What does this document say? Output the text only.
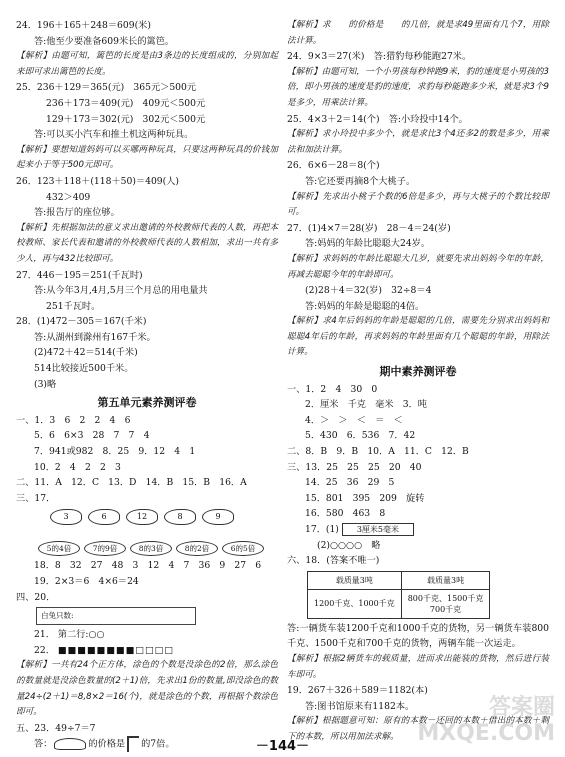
24．196＋165＋248＝609(米)
答:他至少要准备609米长的篱笆。
【解析】由题可知，篱笆的长度是由3条边的长度组成的，分别加起来即可求出篱笆的长度。
25．236＋129＝365(元)　365元＞500元
236＋173＝409(元)　409元＜500元
129＋173＝302(元)　302元＜500元
答:可以买小汽车和推土机这两种玩具。
【解析】要想知道妈妈可以买哪两种玩具，只要这两种玩具的价钱加起来小于等于500元即可。
26．123＋118＋(118＋50)＝409(人)
432＞409
答:报告厅的座位够。
【解析】先根据加法的意义求出邀请的外校教师代表的人数，再把本校教师、家长代表和邀请的外校教师代表的人数相加，求出一共有多少人，再与432比较即可。
27．446－195＝251(千瓦时)
答:从今年3月,4月,5月三个月总的用电量共
251千瓦时。
28．(1)472－305＝167(千米)
答:从湖州到滁州有167千米。
(2)472＋42＝514(千米)
514比较接近500千米。
(3)略
第五单元素养测评卷
一、1．3　6　2　2　4　6
5．6　6×3　28　7　7　4
7．941或982　8．25　9．12　4　1
10．2　4　2　2　3
二、11．A　12．C　13．D　14．B　15．B　16．A
三、17．
3	6	12	8	9
5的4倍	7的9倍	8的3倍	8的2倍	6的5倍
18．8　32　27　48　3　12　4　7　36　9　27　6
19．2×3＝6　4×6＝24
四、20．
白兔只数:
21． 第二行:○○
22． ■■■■■■■■□□□□
【解析】一共有24个正方体，涂色的个数是没涂色的2倍，那么涂色的数量就是没涂色数量的(2＋1)倍，先求出1份的数量,即没涂色的数量24÷(2＋1)＝8,8×2＝16(个)，就是涂色的个数，再根据个数涂色即可。
五、23．49÷7＝7
答：	的价格是 的7倍。
【解析】求　　的价格是　　的几倍，就是求49里面有几个7，用除法计算。
24．9×3＝27(米)　答:猎豹每秒能跑27米。
【解析】由题可知，一个小男孩每秒钟跑9米，豹的速度是小男孩的3倍，即小男孩的速度是豹的速度，求豹每秒能跑多少米，就是求3个9是多少，用乘法计算。
25．4×3＋2＝14(个)　答:小玲投中14个。
【解析】求小玲投中多少个，就是求比3个4还多2的数是多少，用乘法和加法计算。
26．6×6－28＝8(个)
答:它还要再摘8个大桃子。
【解析】先求出小桃子个数的6倍是多少，再与大桃子的个数比较即可。
27．(1)4×7＝28(岁)　28－4＝24(岁)
答:妈妈的年龄比聪聪大24岁。
【解析】求妈妈的年龄比聪聪大几岁，就要先求出妈妈今年的年龄，再减去聪聪今年的年龄即可。
(2)28＋4＝32(岁)　32÷8＝4
答:妈妈的年龄是聪聪的4倍。
【解析】求4年后妈妈的年龄是聪聪的几倍，需要先分别求出妈妈和聪聪4年后的年龄，再求妈妈的年龄里面有几个聪聪的年龄，用除法计算。
期中素养测评卷
一、1．2　4　30　0
2．厘米　千克　毫米　3．吨
4．＞　＞　＜　＝　＜
5．430　6．536　7．42
二、8．B　9．B　10．A　11．C　12．B
三、13．25　25　25　20　40
14．25　36　29　5
15．801　395　209　旋转
16．580　463　8
17．(1) 3厘米5毫米
(2)○○○○　略
六、18．(答案不唯一)
载质量3吨	载质量3吨
1200千克、1000千克	800千克、1500千克
700千克
答:一辆货车装1200千克和1000千克的货物，另一辆货车装800千克、1500千克和700千克的货物，两辆车能一次运走。
【解析】根据2辆货车的载质量，进而求出能装的货物，然后进行装车即可。
19．267＋326＋589＝1182(本)
答:图书馆原来有1182本。
【解析】根据题意可知：原有的本数－还回的本数＋借出的本数＋剩下的本数，所以用加法求解。
答案圈 MXQE.COM
－144－
